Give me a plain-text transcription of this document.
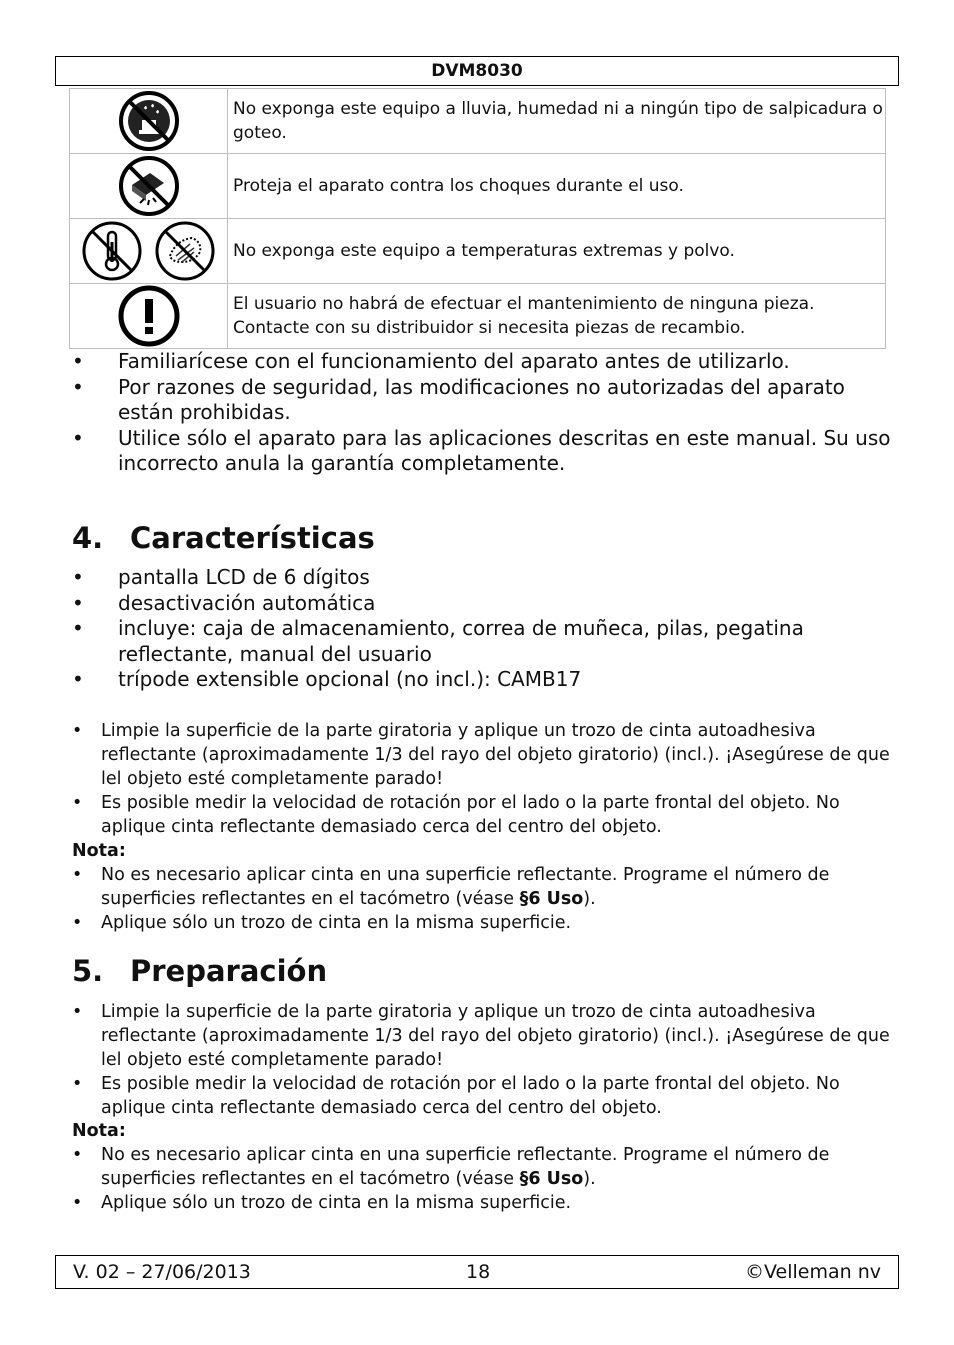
DVM8030
	No exponga este equipo a lluvia, humedad ni a ningún tipo de salpicadura o goteo.

	Proteja el aparato contra los choques durante el uso.

	No exponga este equipo a temperaturas extremas y polvo.

	El usuario no habrá de efectuar el mantenimiento de ninguna pieza. Contacte con su distribuidor si necesita piezas de recambio.
• Familiarícese con el funcionamiento del aparato antes de utilizarlo.
• Por razones de seguridad, las modificaciones no autorizadas del aparato están prohibidas.
• Utilice sólo el aparato para las aplicaciones descritas en este manual. Su uso incorrecto anula la garantía completamente.
4. Características
• pantalla LCD de 6 dígitos
• desactivación automática
• incluye: caja de almacenamiento, correa de muñeca, pilas, pegatina reflectante, manual del usuario
• trípode extensible opcional (no incl.): CAMB17
• Limpie la superficie de la parte giratoria y aplique un trozo de cinta autoadhesiva reflectante (aproximadamente 1/3 del rayo del objeto giratorio) (incl.). ¡Asegúrese de que lel objeto esté completamente parado!
• Es posible medir la velocidad de rotación por el lado o la parte frontal del objeto. No aplique cinta reflectante demasiado cerca del centro del objeto.
Nota:
• No es necesario aplicar cinta en una superficie reflectante. Programe el número de superficies reflectantes en el tacómetro (véase §6 Uso).
• Aplique sólo un trozo de cinta en la misma superficie.
5. Preparación
• Limpie la superficie de la parte giratoria y aplique un trozo de cinta autoadhesiva reflectante (aproximadamente 1/3 del rayo del objeto giratorio) (incl.). ¡Asegúrese de que lel objeto esté completamente parado!
• Es posible medir la velocidad de rotación por el lado o la parte frontal del objeto. No aplique cinta reflectante demasiado cerca del centro del objeto.
Nota:
• No es necesario aplicar cinta en una superficie reflectante. Programe el número de superficies reflectantes en el tacómetro (véase §6 Uso).
• Aplique sólo un trozo de cinta en la misma superficie.
V. 02 – 27/06/2013	18	©Velleman nv
